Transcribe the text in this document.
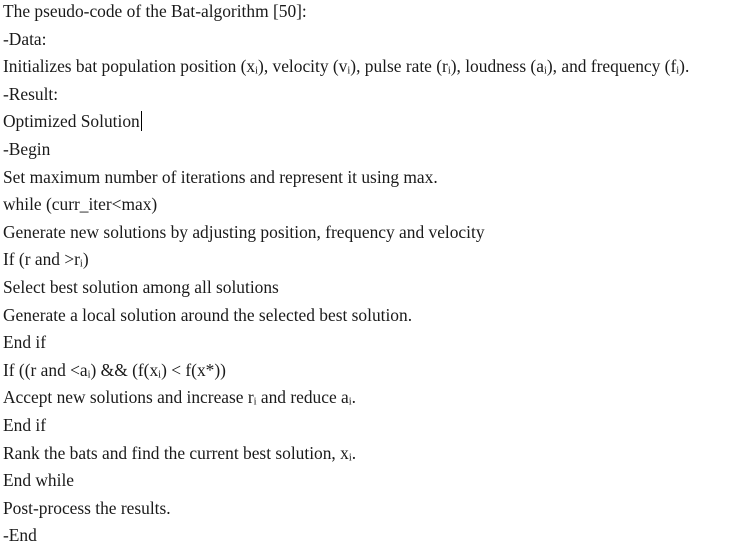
The pseudo-code of the Bat-algorithm [50]:
-Data:
Initializes bat population position $(x_i)$, velocity $(v_i)$, pulse rate $(r_i)$, loudness $(a_i)$, and frequency $(f_i)$.
-Result:
Optimized Solution
-Begin
Set maximum number of iterations and represent it using max.
while (curr_iter<max)
Generate new solutions by adjusting position, frequency and velocity
If (r and $>r_i$)
Select best solution among all solutions
Generate a local solution around the selected best solution.
End if
If ((r and $<a_i$) && $(f(x_i) < f(x*))$
Accept new solutions and increase $r_i$ and reduce $a_i$.
End if
Rank the bats and find the current best solution, $x_i$.
End while
Post-process the results.
-End
